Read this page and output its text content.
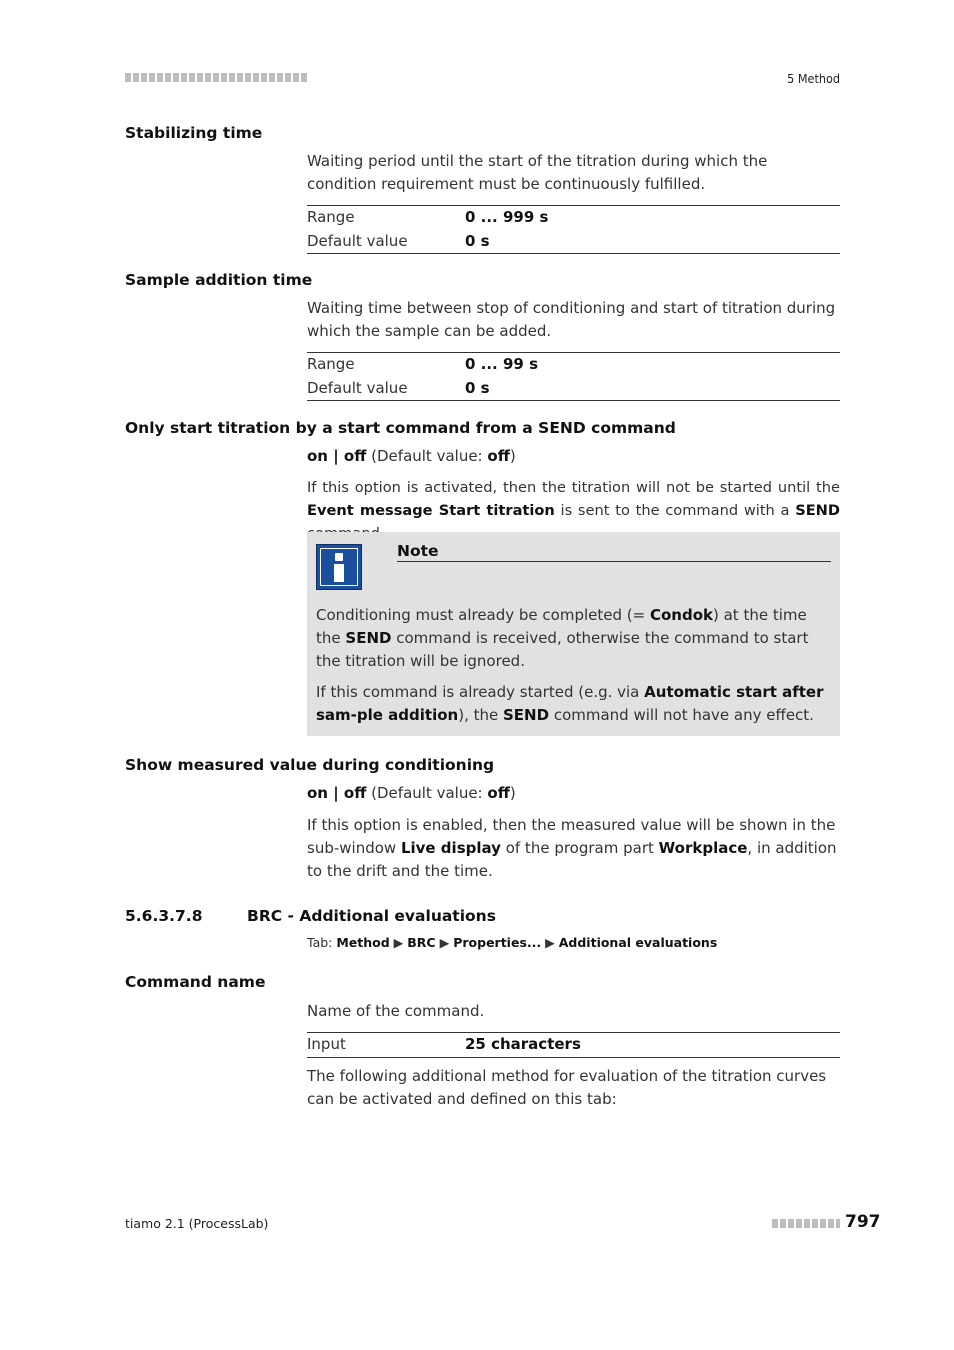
5 Method
Stabilizing time
Waiting period until the start of the titration during which the condition requirement must be continuously fulfilled.
Range	0 ... 999 s
Default value	0 s
Sample addition time
Waiting time between stop of conditioning and start of titration during which the sample can be added.
Range	0 ... 99 s
Default value	0 s
Only start titration by a start command from a SEND command
on | off (Default value: off)
If this option is activated, then the titration will not be started until the Event message Start titration is sent to the command with a SEND
Note
Conditioning must already be completed (= Condok) at the time the SEND command is received, otherwise the command to start the titration will be ignored.
If this command is already started (e.g. via Automatic start after sam-ple addition), the SEND command will not have any effect.
Show measured value during conditioning
on | off (Default value: off)
If this option is enabled, then the measured value will be shown in the sub-window Live display of the program part Workplace, in addition to the drift and the time.
5.6.3.7.8	BRC - Additional evaluations
Tab: Method ▶ BRC ▶ Properties... ▶ Additional evaluations
Command name
Name of the command.
Input	25 characters
The following additional method for evaluation of the titration curves can be activated and defined on this tab:
tiamo 2.1 (ProcessLab)	797
